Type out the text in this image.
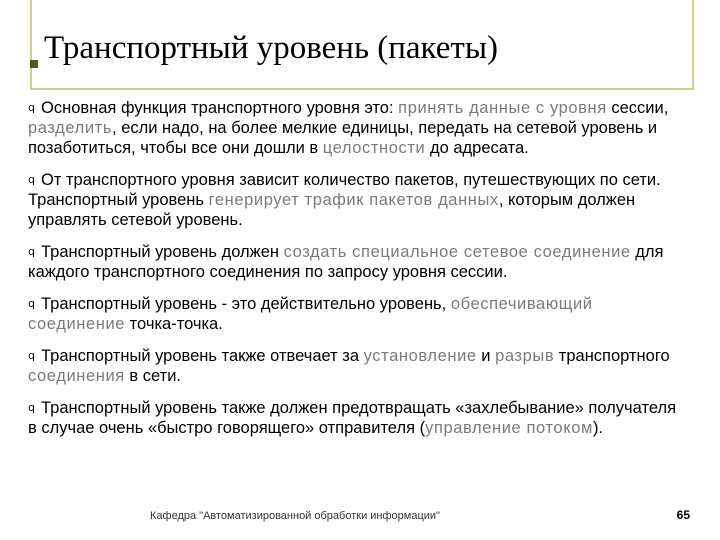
Транспортный уровень (пакеты)

q Основная функция транспортного уровня это: принять данные с уровня сессии, разделить, если надо, на более мелкие единицы, передать на сетевой уровень и позаботиться, чтобы все они дошли в целостности до адресата.

q От транспортного уровня зависит количество пакетов, путешествующих по сети. Транспортный уровень генерирует трафик пакетов данных, которым должен управлять сетевой уровень.

q Транспортный уровень должен создать специальное сетевое соединение для каждого транспортного соединения по запросу уровня сессии.

q Транспортный уровень - это действительно уровень, обеспечивающий соединение точка-точка.

q Транспортный уровень также отвечает за установление и разрыв транспортного соединения в сети.

q Транспортный уровень также должен предотвращать «захлебывание» получателя в случае очень «быстро говорящего» отправителя (управление потоком).

Кафедра "Автоматизированной обработки информации"	65
